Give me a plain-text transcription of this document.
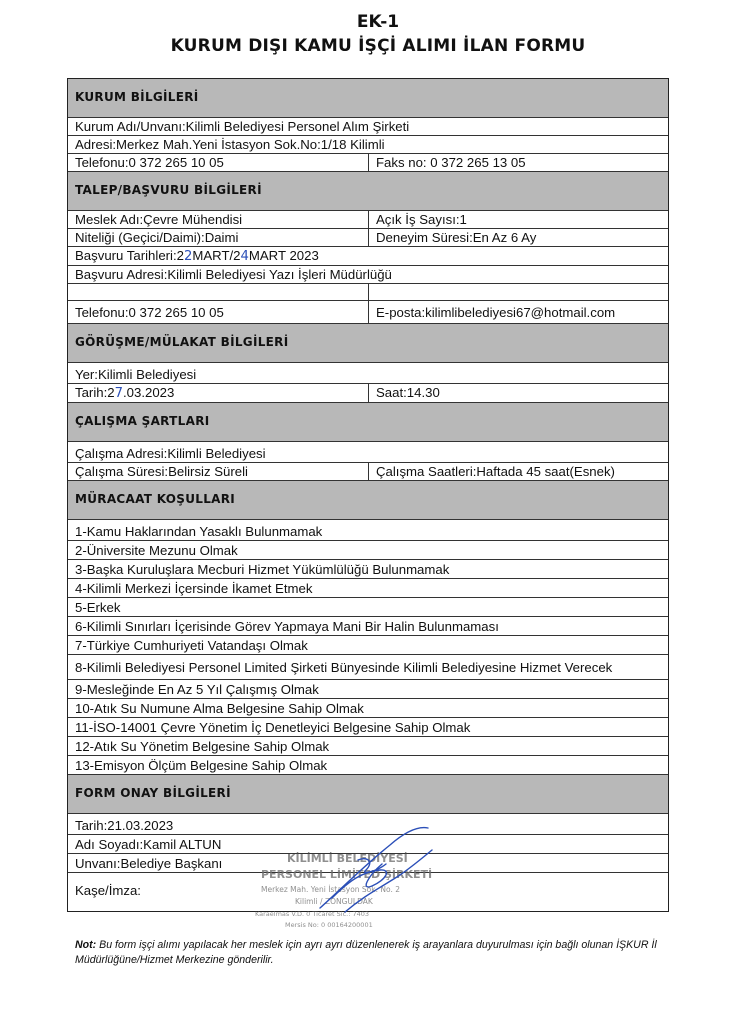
EK-1
KURUM DIŞI KAMU İŞÇİ ALIMI İLAN FORMU
KURUM BİLGİLERİ
Kurum Adı/Unvanı:Kilimli Belediyesi Personel Alım Şirketi
Adresi:Merkez Mah.Yeni İstasyon Sok.No:1/18 Kilimli
Telefonu:0 372 265 10 05	Faks no: 0 372 265 13 05
TALEP/BAŞVURU BİLGİLERİ
Meslek Adı:Çevre Mühendisi	Açık İş Sayısı:1
Niteliği (Geçici/Daimi):Daimi	Deneyim Süresi:En Az 6 Ay
Başvuru Tarihleri:22MART/24MART 2023
Başvuru Adresi:Kilimli Belediyesi Yazı İşleri Müdürlüğü
Telefonu:0 372 265 10 05	E-posta:kilimlibelediyesi67@hotmail.com
GÖRÜŞME/MÜLAKAT BİLGİLERİ
Yer:Kilimli Belediyesi
Tarih:27.03.2023	Saat:14.30
ÇALIŞMA ŞARTLARI
Çalışma Adresi:Kilimli Belediyesi
Çalışma Süresi:Belirsiz Süreli	Çalışma Saatleri:Haftada 45 saat(Esnek)
MÜRACAAT KOŞULLARI
1-Kamu Haklarından Yasaklı Bulunmamak
2-Üniversite Mezunu Olmak
3-Başka Kuruluşlara Mecburi Hizmet Yükümlülüğü Bulunmamak
4-Kilimli Merkezi İçersinde İkamet Etmek
5-Erkek
6-Kilimli Sınırları İçerisinde Görev Yapmaya Mani Bir Halin Bulunmaması
7-Türkiye Cumhuriyeti Vatandaşı Olmak
8-Kilimli Belediyesi Personel Limited Şirketi Bünyesinde Kilimli Belediyesine Hizmet Verecek
9-Mesleğinde En Az 5 Yıl Çalışmış Olmak
10-Atık Su Numune Alma Belgesine Sahip Olmak
11-İSO-14001 Çevre Yönetim İç Denetleyici Belgesine Sahip Olmak
12-Atık Su Yönetim Belgesine Sahip Olmak
13-Emisyon Ölçüm Belgesine Sahip Olmak
FORM ONAY BİLGİLERİ
Tarih:21.03.2023
Adı Soyadı:Kamil ALTUN
Unvanı:Belediye Başkanı
Kaşe/İmza:
KİLİMLİ BELEDİYESİ
PERSONEL LİMİTED ŞİRKETİ
Merkez Mah. Yeni İstasyon Sok. No. 2
Kilimli / ZONGULDAK
Karaelmas V.D. 0 Ticaret Sic.: 7403
Mersis No: 0 00164200001
Not: Bu form işçi alımı yapılacak her meslek için ayrı ayrı düzenlenerek iş arayanlara duyurulması için bağlı olunan İŞKUR İl Müdürlüğüne/Hizmet Merkezine gönderilir.
